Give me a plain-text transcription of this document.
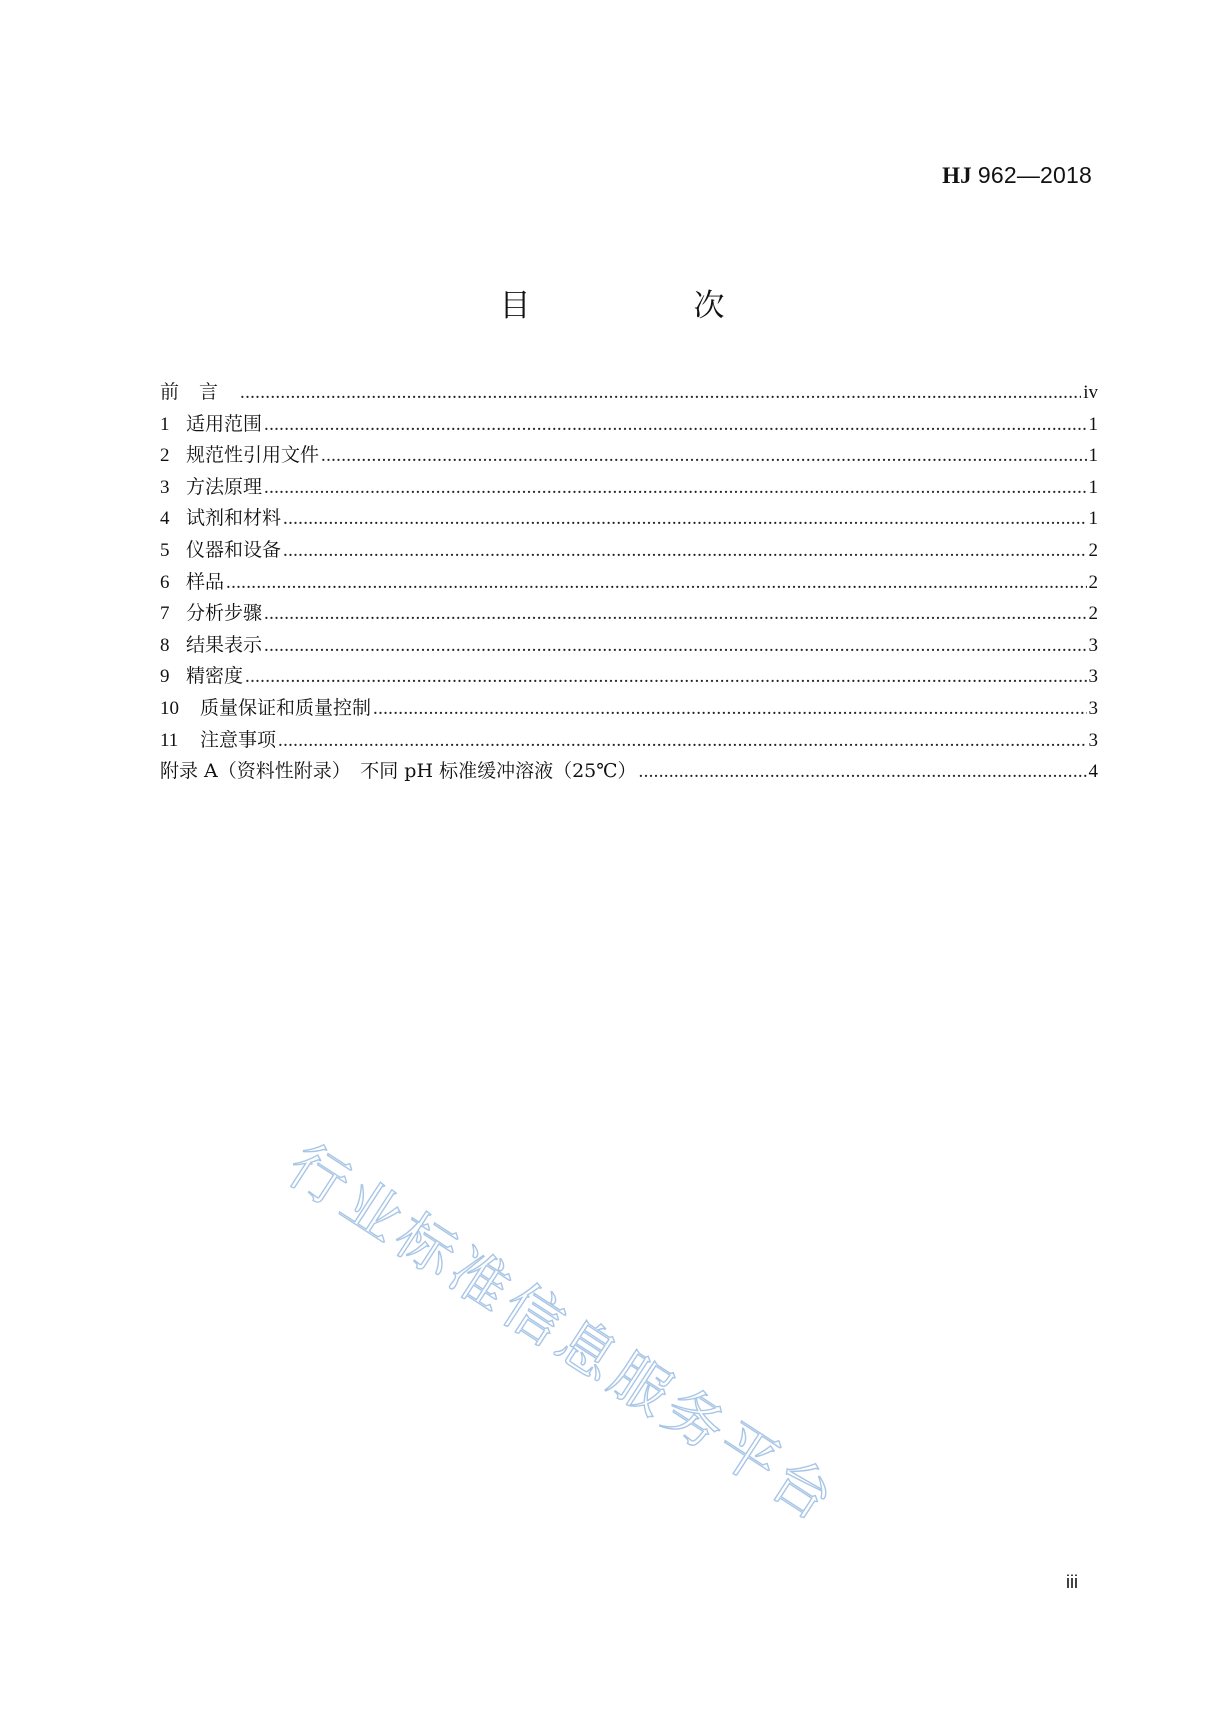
HJ 962—2018
目　次
前言 .....	iv
1 适用范围 .....	1
2 规范性引用文件 .....	1
3 方法原理 .....	1
4 试剂和材料 .....	1
5 仪器和设备 .....	2
6 样品 .....	2
7 分析步骤 .....	2
8 结果表示 .....	3
9 精密度 .....	3
10 质量保证和质量控制 .....	3
11 注意事项 .....	3
附录 A（资料性附录）　不同 pH 标准缓冲溶液（25℃） .....	4
行业标准信息服务平台
iii
